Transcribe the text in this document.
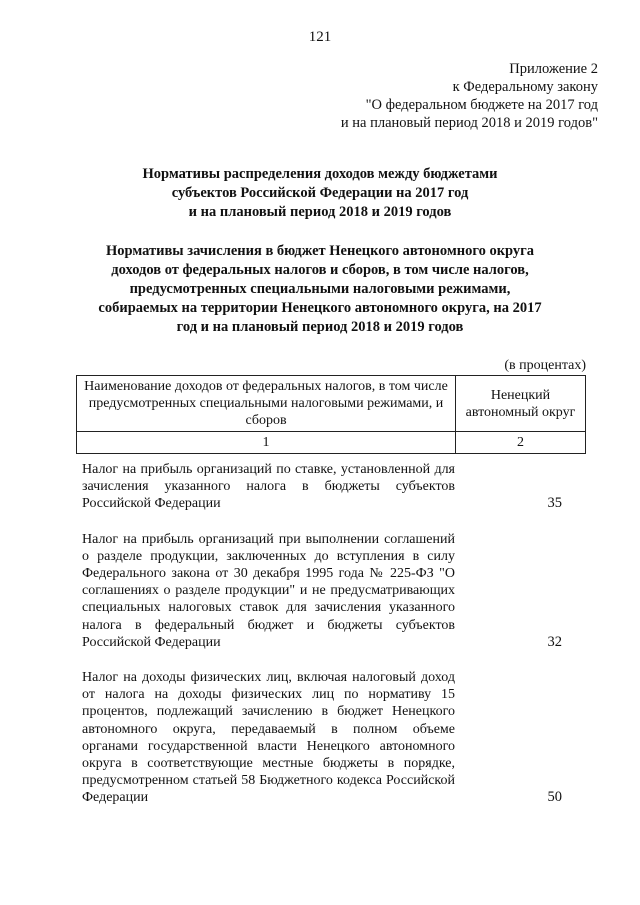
121
Приложение 2
к Федеральному закону
"О федеральном бюджете на 2017 год
и на плановый период 2018 и 2019 годов"
Нормативы распределения доходов между бюджетами
субъектов Российской Федерации на 2017 год
и на плановый период 2018 и 2019 годов
Нормативы зачисления в бюджет Ненецкого автономного округа
доходов от федеральных налогов и сборов, в том числе налогов,
предусмотренных специальными налоговыми режимами,
собираемых на территории Ненецкого автономного округа, на 2017
год и на плановый период 2018 и 2019 годов
(в процентах)
Наименование доходов от федеральных налогов, в том числе предусмотренных специальными налоговыми режимами, и сборов	Ненецкий автономный округ
1	2
Налог на прибыль организаций по ставке, установленной для зачисления указанного налога в бюджеты субъектов Российской Федерации	35
Налог на прибыль организаций при выполнении соглашений о разделе продукции, заключенных до вступления в силу Федерального закона от 30 декабря 1995 года № 225-ФЗ "О соглашениях о разделе продукции" и не предусматривающих специальных налоговых ставок для зачисления указанного налога в федеральный бюджет и бюджеты субъектов Российской Федерации	32
Налог на доходы физических лиц, включая налоговый доход от налога на доходы физических лиц по нормативу 15 процентов, подлежащий зачислению в бюджет Ненецкого автономного округа, передаваемый в полном объеме органами государственной власти Ненецкого автономного округа в соответствующие местные бюджеты в порядке, предусмотренном статьей 58 Бюджетного кодекса Российской Федерации	50
